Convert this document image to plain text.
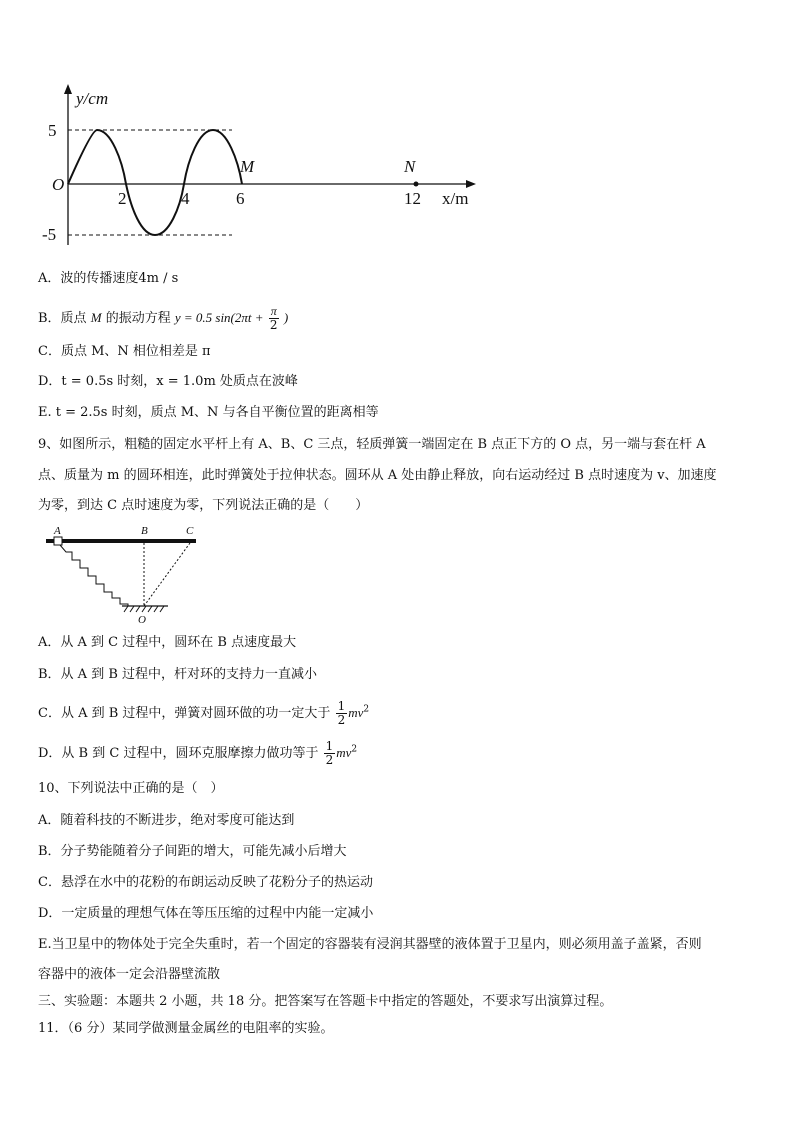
y/cm
x/m
O
5
-5
2	4	6	12
M	N
A．波的传播速度4m / s
B．质点 M 的振动方程 y = 0.5 $\sin(2\pi t + \frac{\pi}{2}$ )
C．质点 M、N 相位相差是 π
D．t = 0.5s 时刻，x = 1.0m 处质点在波峰
E. t = 2.5s 时刻，质点 M、N 与各自平衡位置的距离相等
9、如图所示，粗糙的固定水平杆上有 A、B、C 三点，轻质弹簧一端固定在 B 点正下方的 O 点，另一端与套在杆 A
点、质量为 m 的圆环相连，此时弹簧处于拉伸状态。圆环从 A 处由静止释放，向右运动经过 B 点时速度为 v、加速度
为零，到达 C 点时速度为零，下列说法正确的是（　　）
A	B	C
O
A．从 A 到 C 过程中，圆环在 B 点速度最大
B．从 A 到 B 过程中，杆对环的支持力一直减小
C．从 A 到 B 过程中，弹簧对圆环做的功一定大于 $\frac{1}{2} mv^2$
D．从 B 到 C 过程中，圆环克服摩擦力做功等于 $\frac{1}{2} mv^2$
10、下列说法中正确的是（　）
A．随着科技的不断进步，绝对零度可能达到
B．分子势能随着分子间距的增大，可能先减小后增大
C．悬浮在水中的花粉的布朗运动反映了花粉分子的热运动
D．一定质量的理想气体在等压压缩的过程中内能一定减小
E.当卫星中的物体处于完全失重时，若一个固定的容器装有浸润其器壁的液体置于卫星内，则必须用盖子盖紧，否则
容器中的液体一定会沿器壁流散
三、实验题：本题共 2 小题，共 18 分。把答案写在答题卡中指定的答题处，不要求写出演算过程。
11．（6 分）某同学做测量金属丝的电阻率的实验。
